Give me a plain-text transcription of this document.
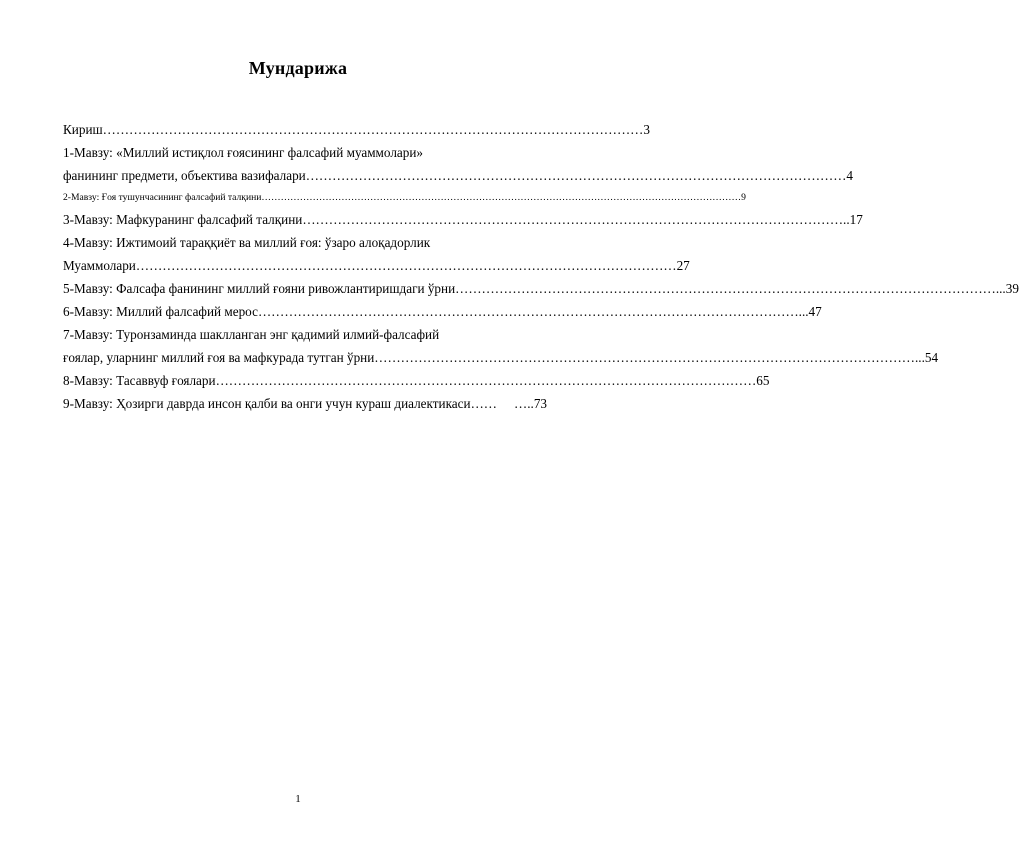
Мундарижа
Кириш …………………………………………………………………………………………………………… 3
1-Мавзу: «Миллий истиқлол ғоясининг фалсафий муаммолари»
фанининг предмети, объектива вазифалари …………………………………………………………………………………………………………… 4
2-Мавзу: Ғоя тушунчасининг фалсафий талқини …………………………………………………………………………………………………………………………………… 9
3-Мавзу: Мафкуранинг фалсафий талқини …………………………………………………………………………………………………………… ..17
4-Мавзу: Ижтимоий тараққиёт ва миллий ғоя: ўзаро алоқадорлик
Муаммолари …………………………………………………………………………………………………………… 27
5-Мавзу: Фалсафа фанининг миллий ғояни ривожлантиришдаги ўрни …………………………………………………………………………………………………………… ...39
6-Мавзу: Миллий фалсафий мерос …………………………………………………………………………………………………………… ...47
7-Мавзу: Туронзаминда шаклланган энг қадимий илмий-фалсафий
ғоялар, уларнинг миллий ғоя ва мафкурада тутган ўрни …………………………………………………………………………………………………………… ...54
8-Мавзу: Тасаввуф ғоялари …………………………………………………………………………………………………………… 65
9-Мавзу: Ҳозирги даврда инсон қалби ва онги учун кураш диалектикаси ……	…..73
1
